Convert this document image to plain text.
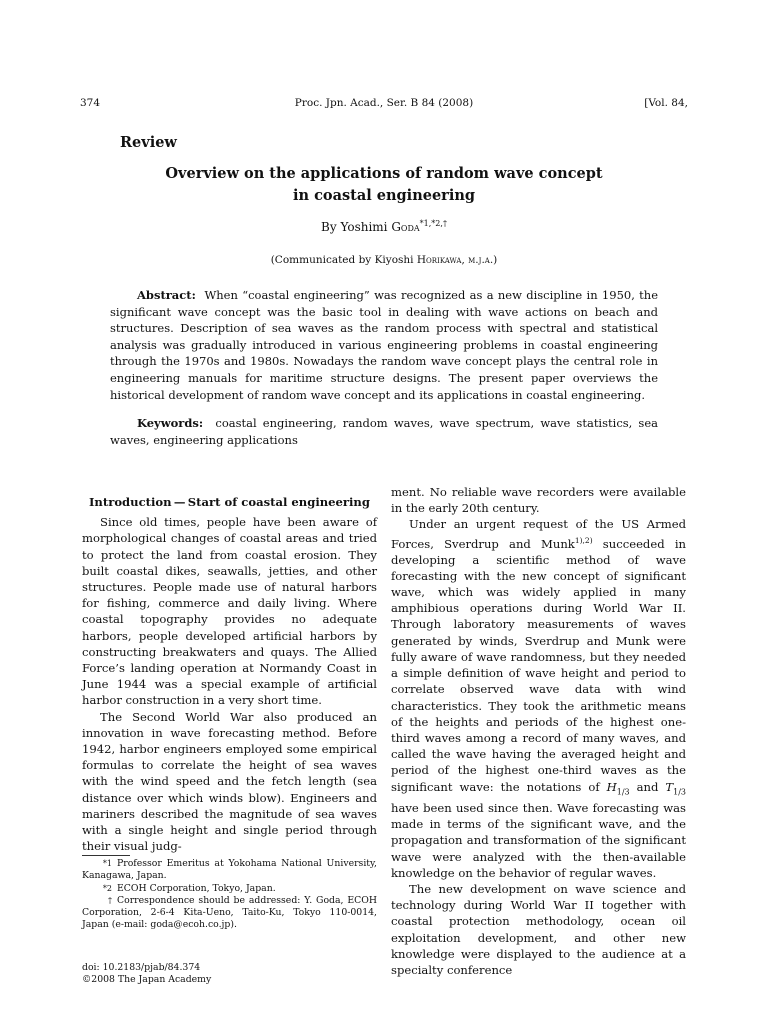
374	Proc. Jpn. Acad., Ser. B 84 (2008)	[Vol. 84,
Review
Overview on the applications of random wave concept
in coastal engineering
By Yoshimi Goda$^{*1,*2,\dagger}$
(Communicated by Kiyoshi Horikawa, m.j.a.)
Abstract: When “coastal engineering” was recognized as a new discipline in 1950, the significant wave concept was the basic tool in dealing with wave actions on beach and structures. Description of sea waves as the random process with spectral and statistical analysis was gradually introduced in various engineering problems in coastal engineering through the 1970s and 1980s. Nowadays the random wave concept plays the central role in engineering manuals for maritime structure designs. The present paper overviews the historical development of random wave concept and its applications in coastal engineering.
Keywords: coastal engineering, random waves, wave spectrum, wave statistics, sea waves, engineering applications
Introduction — Start of coastal engineering

Since old times, people have been aware of morphological changes of coastal areas and tried to protect the land from coastal erosion. They built coastal dikes, seawalls, jetties, and other structures. People made use of natural harbors for fishing, commerce and daily living. Where coastal topography provides no adequate harbors, people developed artificial harbors by constructing breakwaters and quays. The Allied Force’s landing operation at Normandy Coast in June 1944 was a special example of artificial harbor construction in a very short time.

The Second World War also produced an innovation in wave forecasting method. Before 1942, harbor engineers employed some empirical formulas to correlate the height of sea waves with the wind speed and the fetch length (sea distance over which winds blow). Engineers and mariners described the magnitude of sea waves with a single height and single period through their visual judg-

ment. No reliable wave recorders were available in the early 20th century.

Under an urgent request of the US Armed Forces, Sverdrup and Munk$^{1),2)}$ succeeded in developing a scientific method of wave forecasting with the new concept of significant wave, which was widely applied in many amphibious operations during World War II. Through laboratory measurements of waves generated by winds, Sverdrup and Munk were fully aware of wave randomness, but they needed a simple definition of wave height and period to correlate observed wave data with wind characteristics. They took the arithmetic means of the heights and periods of the highest one-third waves among a record of many waves, and called the wave having the averaged height and period of the highest one-third waves as the significant wave: the notations of $H_{1/3}$ and $T_{1/3}$ have been used since then. Wave forecasting was made in terms of the significant wave, and the propagation and transformation of the significant wave were analyzed with the then-available knowledge on the behavior of regular waves.

The new development on wave science and technology during World War II together with coastal protection methodology, ocean oil exploitation development, and other new knowledge were displayed to the audience at a specialty conference

*1 Professor Emeritus at Yokohama National University, Kanagawa, Japan.
*2 ECOH Corporation, Tokyo, Japan.
† Correspondence should be addressed: Y. Goda, ECOH Corporation, 2-6-4 Kita-Ueno, Taito-Ku, Tokyo 110-0014, Japan (e-mail: goda@ecoh.co.jp).
doi: 10.2183/pjab/84.374
©2008 The Japan Academy
